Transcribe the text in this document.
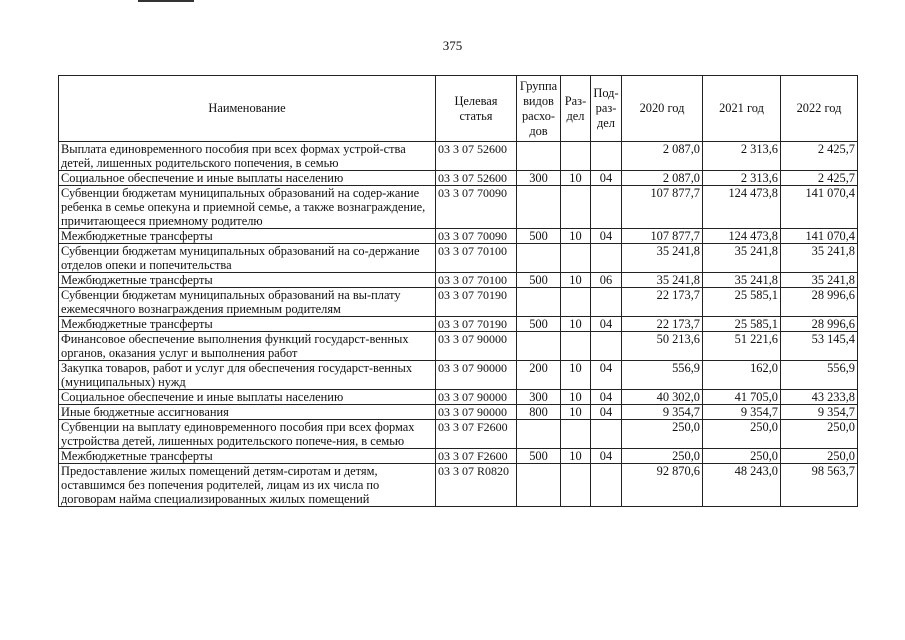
375
Наименование	Целевая статья	Группа видов расхо-дов	Раз-дел	Под-раз-дел	2020 год	2021 год	2022 год
Выплата единовременного пособия при всех формах устрой-ства детей, лишенных родительского попечения, в семью	03 3 07 52600				2 087,0	2 313,6	2 425,7
Социальное обеспечение и иные выплаты населению	03 3 07 52600	300	10	04	2 087,0	2 313,6	2 425,7
Субвенции бюджетам муниципальных образований на содер-жание ребенка в семье опекуна и приемной семье, а также вознаграждение, причитающееся приемному родителю	03 3 07 70090				107 877,7	124 473,8	141 070,4
Межбюджетные трансферты	03 3 07 70090	500	10	04	107 877,7	124 473,8	141 070,4
Субвенции бюджетам муниципальных образований на со-держание отделов опеки и попечительства	03 3 07 70100				35 241,8	35 241,8	35 241,8
Межбюджетные трансферты	03 3 07 70100	500	10	06	35 241,8	35 241,8	35 241,8
Субвенции бюджетам муниципальных образований на вы-плату ежемесячного вознаграждения приемным родителям	03 3 07 70190				22 173,7	25 585,1	28 996,6
Межбюджетные трансферты	03 3 07 70190	500	10	04	22 173,7	25 585,1	28 996,6
Финансовое обеспечение выполнения функций государст-венных органов, оказания услуг и выполнения работ	03 3 07 90000				50 213,6	51 221,6	53 145,4
Закупка товаров, работ и услуг для обеспечения государст-венных (муниципальных) нужд	03 3 07 90000	200	10	04	556,9	162,0	556,9
Социальное обеспечение и иные выплаты населению	03 3 07 90000	300	10	04	40 302,0	41 705,0	43 233,8
Иные бюджетные ассигнования	03 3 07 90000	800	10	04	9 354,7	9 354,7	9 354,7
Субвенции на выплату единовременного пособия при всех формах устройства детей, лишенных родительского попече-ния, в семью	03 3 07 F2600				250,0	250,0	250,0
Межбюджетные трансферты	03 3 07 F2600	500	10	04	250,0	250,0	250,0
Предоставление жилых помещений детям-сиротам и детям, оставшимся без попечения родителей, лицам из их числа по договорам найма специализированных жилых помещений	03 3 07 R0820				92 870,6	48 243,0	98 563,7
